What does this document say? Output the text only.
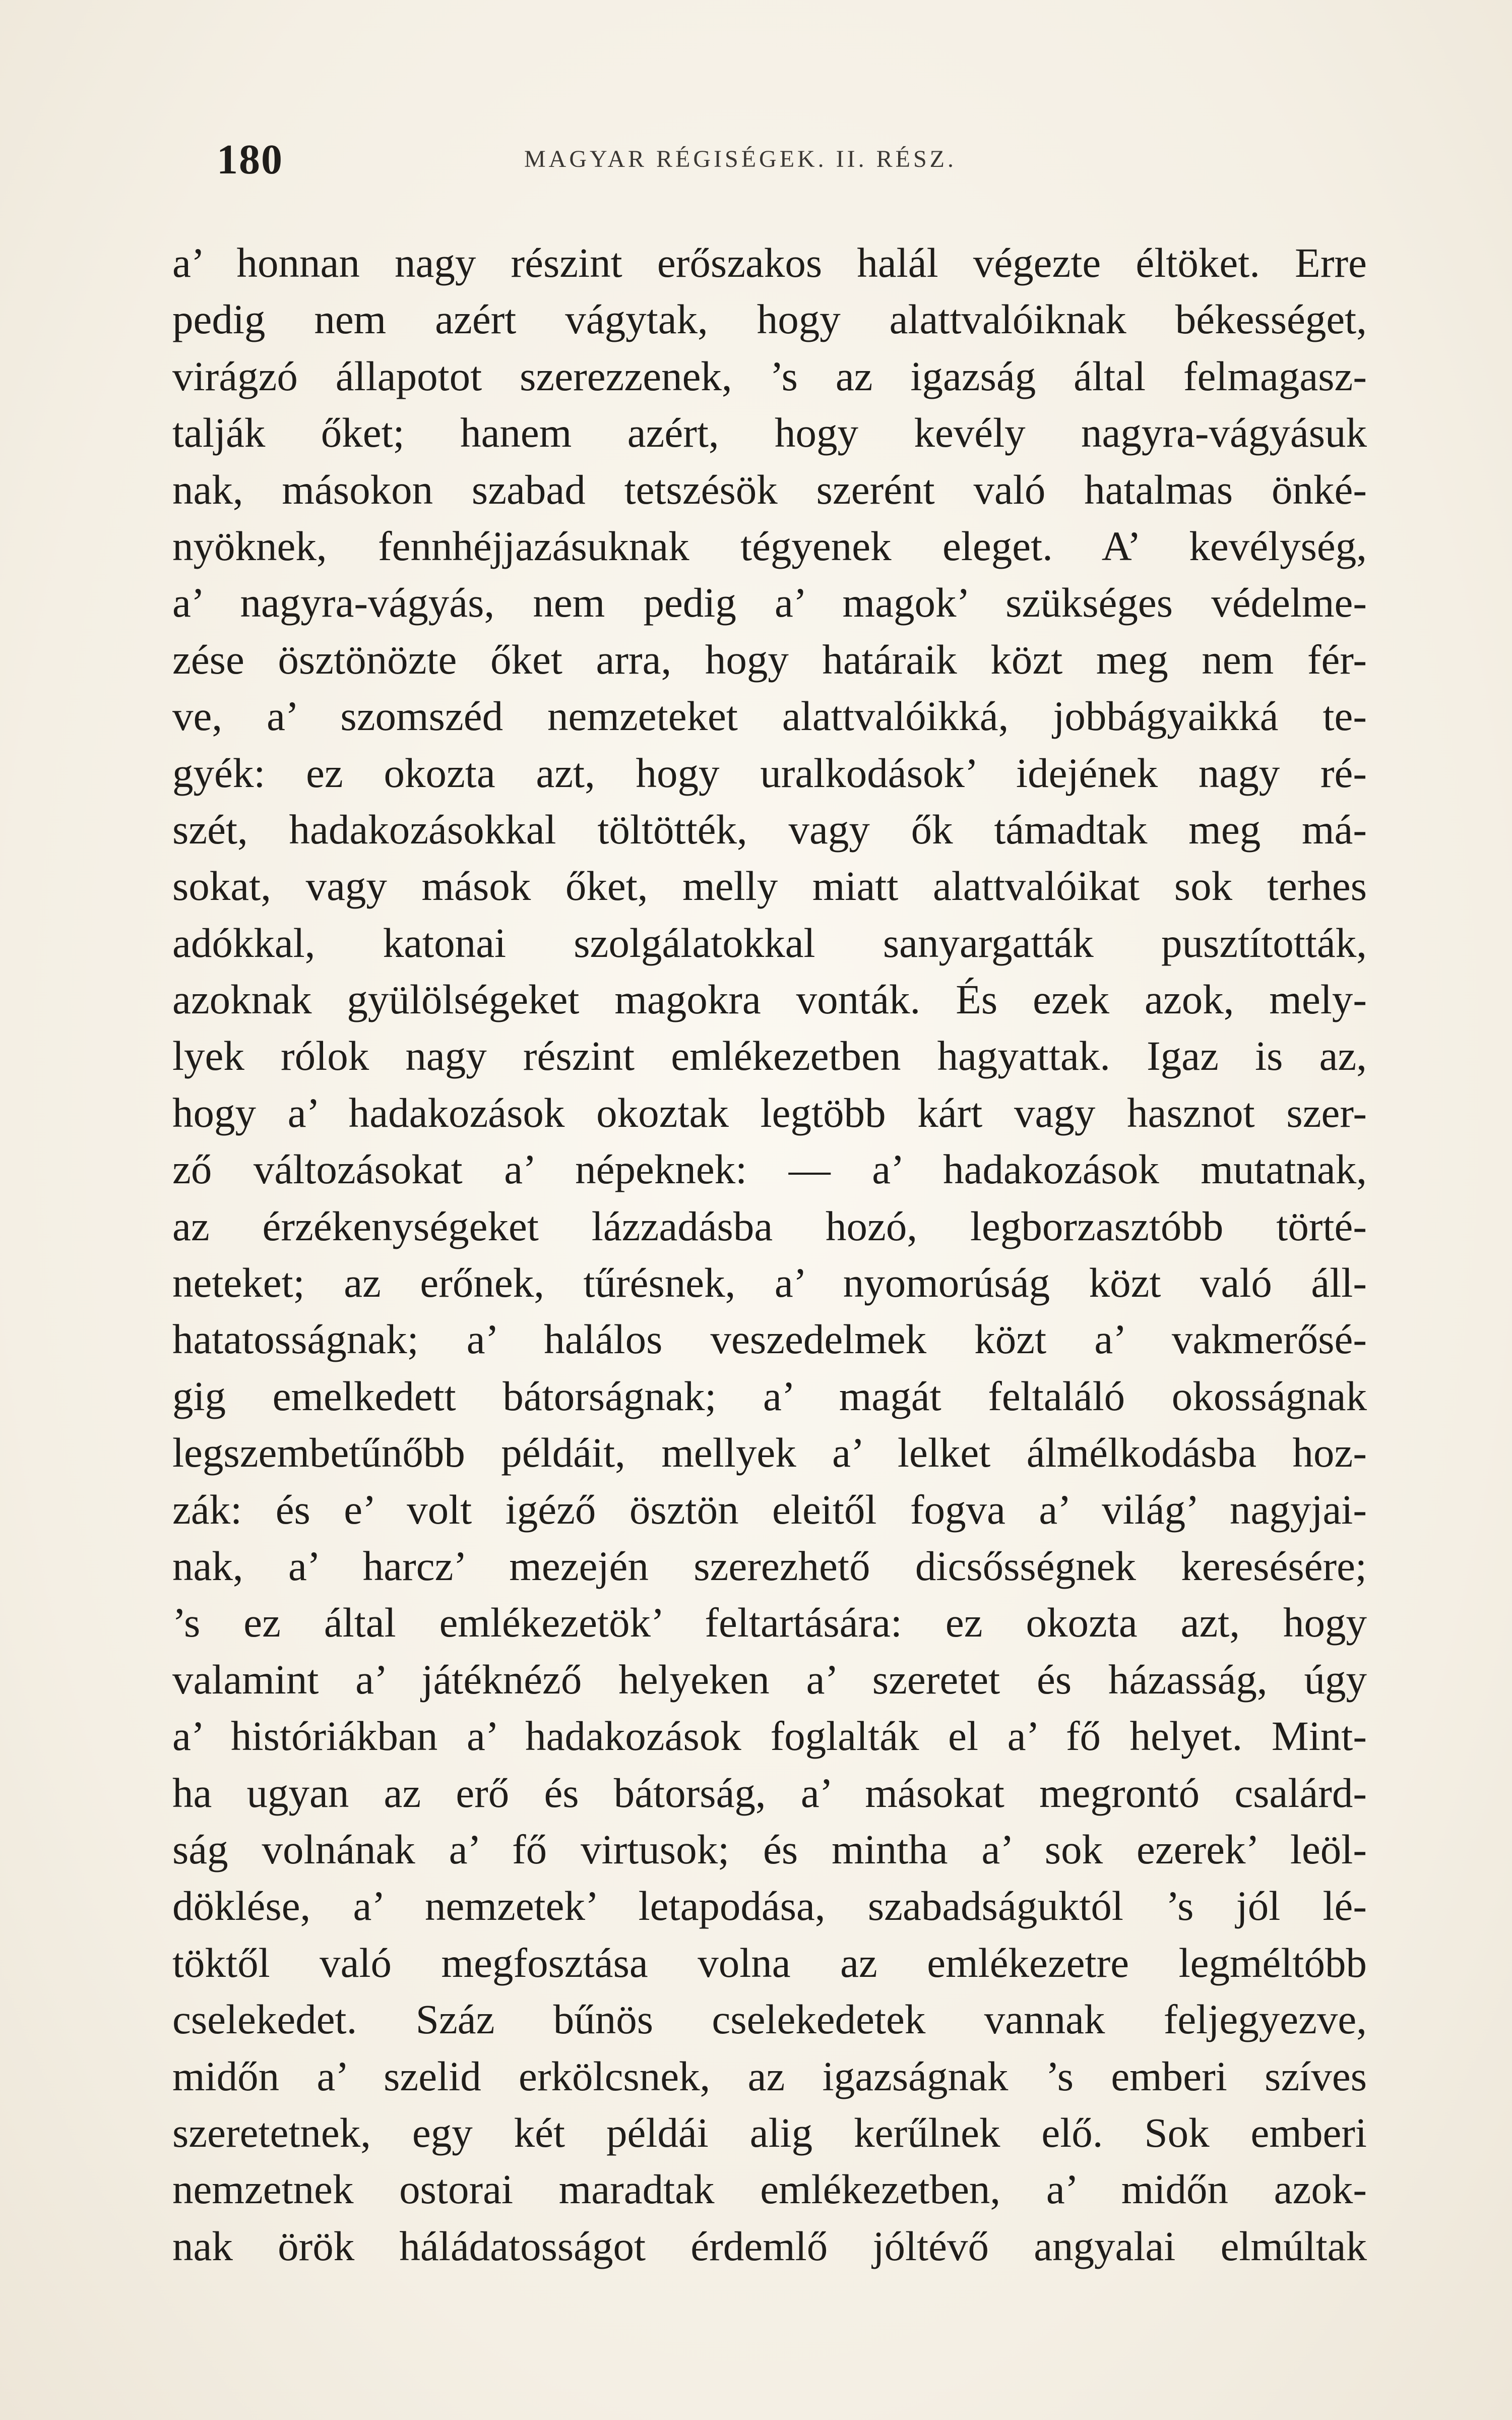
180	MAGYAR RÉGISÉGEK. II. RÉSZ.
a’ honnan nagy részint erőszakos halál végezte éltöket. Erre
pedig nem azért vágytak, hogy alattvalóiknak békességet,
virágzó állapotot szerezzenek, ’s az igazság által felmagasz-
talják őket; hanem azért, hogy kevély nagyra-vágyásuk
nak, másokon szabad tetszésök szerént való hatalmas önké-
nyöknek, fennhéjjazásuknak tégyenek eleget. A’ kevélység,
a’ nagyra-vágyás, nem pedig a’ magok’ szükséges védelme-
zése ösztönözte őket arra, hogy határaik közt meg nem fér-
ve, a’ szomszéd nemzeteket alattvalóikká, jobbágyaikká te-
gyék: ez okozta azt, hogy uralkodások’ idejének nagy ré-
szét, hadakozásokkal töltötték, vagy ők támadtak meg má-
sokat, vagy mások őket, melly miatt alattvalóikat sok terhes
adókkal, katonai szolgálatokkal sanyargatták pusztították,
azoknak gyülölségeket magokra vonták. És ezek azok, mely-
lyek rólok nagy részint emlékezetben hagyattak. Igaz is az,
hogy a’ hadakozások okoztak legtöbb kárt vagy hasznot szer-
ző változásokat a’ népeknek: — a’ hadakozások mutatnak,
az érzékenységeket lázzadásba hozó, legborzasztóbb törté-
neteket; az erőnek, tűrésnek, a’ nyomorúság közt való áll-
hatatosságnak; a’ halálos veszedelmek közt a’ vakmerősé-
gig emelkedett bátorságnak; a’ magát feltaláló okosságnak
legszembetűnőbb példáit, mellyek a’ lelket álmélkodásba hoz-
zák: és e’ volt igéző ösztön eleitől fogva a’ világ’ nagyjai-
nak, a’ harcz’ mezején szerezhető dicsősségnek keresésére;
’s ez által emlékezetök’ feltartására: ez okozta azt, hogy
valamint a’ játéknéző helyeken a’ szeretet és házasság, úgy
a’ históriákban a’ hadakozások foglalták el a’ fő helyet. Mint-
ha ugyan az erő és bátorság, a’ másokat megrontó csalárd-
ság volnának a’ fő virtusok; és mintha a’ sok ezerek’ leöl-
döklése, a’ nemzetek’ letapodása, szabadságuktól ’s jól lé-
töktől való megfosztása volna az emlékezetre legméltóbb
cselekedet. Száz bűnös cselekedetek vannak feljegyezve,
midőn a’ szelid erkölcsnek, az igazságnak ’s emberi szíves
szeretetnek, egy két példái alig kerűlnek elő. Sok emberi
nemzetnek ostorai maradtak emlékezetben, a’ midőn azok-
nak örök háládatosságot érdemlő jóltévő angyalai elmúltak
